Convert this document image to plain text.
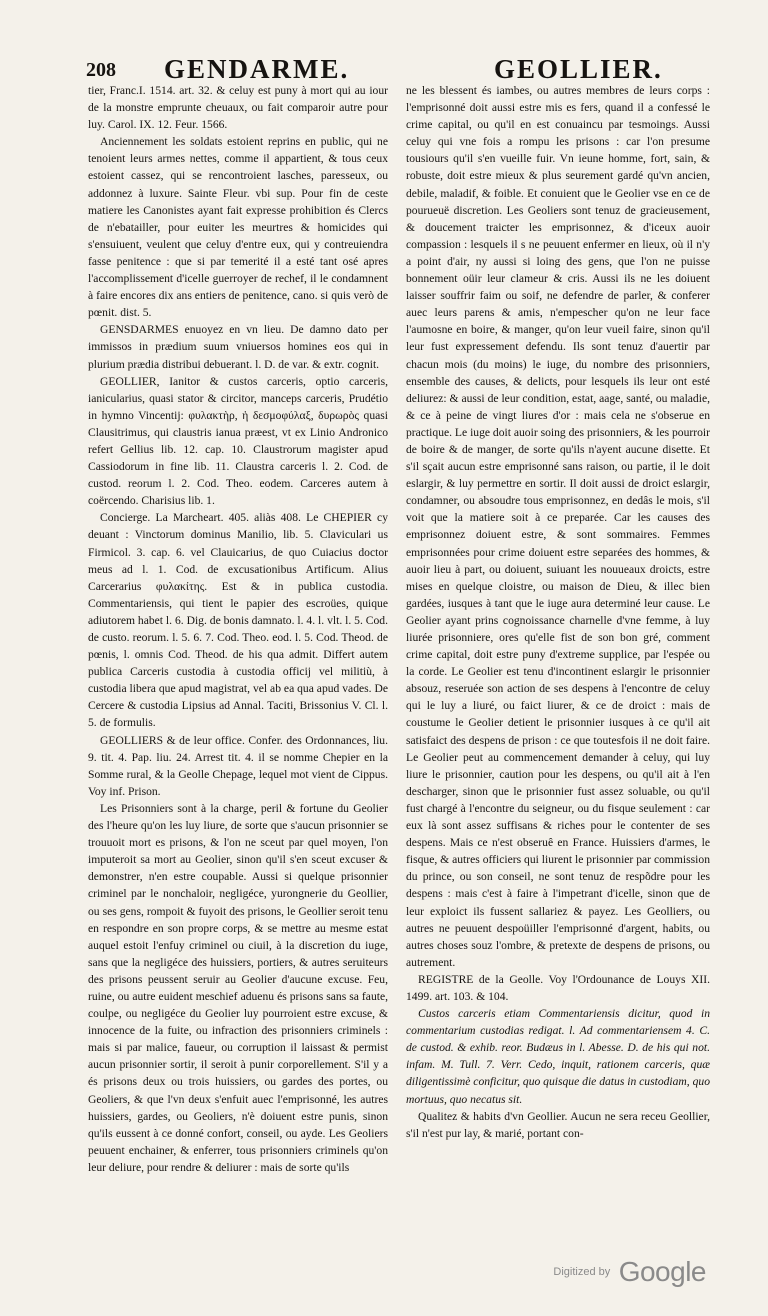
208 GENDARME.	GEOLLIER.

tier, Franc.I. 1514. art. 32. & celuy est puny à mort qui au iour de la monstre emprunte cheuaux, ou fait comparoir autre pour luy. Carol. IX. 12. Feur. 1566.

Anciennement les soldats estoient reprins en public, qui ne tenoient leurs armes nettes, comme il appartient, & tous ceux estoient cassez, qui se rencontroient lasches, paresseux, ou addonnez à luxure. Sainte Fleur. vbi sup. Pour fin de ceste matiere les Canonistes ayant fait expresse prohibition és Clercs de n'ebatailler, pour euiter les meurtres & homicides qui s'ensuiuent, veulent que celuy d'entre eux, qui y contreuiendra fasse penitence : que si par temerité il a esté tant osé apres l'accomplissement d'icelle guerroyer de rechef, il le condamnent à faire encores dix ans entiers de penitence, cano. si quis verò de pœnit. dist. 5.

GENSDARMES enuoyez en vn lieu. De damno dato per immissos in prædium suum vniuersos homines eos qui in plurium prædia distribui debuerant. l. D. de var. & extr. cognit.

GEOLLIER, Ianitor & custos carceris, optio carceris, ianicularius, quasi stator & circitor, manceps carceris, Prudétio in hymno Vincentij: φυλακτὴρ, ἡ δεσμοφύλαξ, δυρωρὸς quasi Clausitrimus, qui claustris ianua præest, vt ex Linio Andronico refert Gellius lib. 12. cap. 10. Claustrorum magister apud Cassiodorum in fine lib. 11. Claustra carceris l. 2. Cod. de custod. reorum l. 2. Cod. Theo. eodem. Carceres autem à coërcendo. Charisius lib. 1.

Concierge. La Marcheart. 405. aliàs 408. Le CHEPIER cy deuant : Vinctorum dominus Manilio, lib. 5. Claviculari us Firmicol. 3. cap. 6. vel Clauicarius, de quo Cuiacius doctor meus ad l. 1. Cod. de excusationibus Artificum. Alius Carcerarius φυλακίτης. Est & in publica custodia. Commentariensis, qui tient le papier des escroües, quique adiutorem habet l. 6. Dig. de bonis damnato. l. 4. l. vlt. l. 5. Cod. de custo. reorum. l. 5. 6. 7. Cod. Theo. eod. l. 5. Cod. Theod. de pœnis, l. omnis Cod. Theod. de his qua admit. Differt autem publica Carceris custodia à custodia officij vel militiù, à custodia libera que apud magistrat, vel ab ea qua apud vades. De Cercere & custodia Lipsius ad Annal. Taciti, Brissonius V. Cl. l. 5. de formulis.

GEOLLIERS & de leur office. Confer. des Ordonnances, liu. 9. tit. 4. Pap. liu. 24. Arrest tit. 4. il se nomme Chepier en la Somme rural, & la Geolle Chepage, lequel mot vient de Cippus. Voy inf. Prison.

Les Prisonniers sont à la charge, peril & fortune du Geolier des l'heure qu'on les luy liure, de sorte que s'aucun prisonnier se trouuoit mort es prisons, & l'on ne sceut par quel moyen, l'on imputeroit sa mort au Geolier, sinon qu'il s'en sceut excuser & demonstrer, n'en estre coupable. Aussi si quelque prisonnier criminel par le nonchaloir, negligéce, yurongnerie du Geollier, ou ses gens, rompoit & fuyoit des prisons, le Geollier seroit tenu en respondre en son propre corps, & se mettre au mesme estat auquel estoit l'enfuy criminel ou ciuil, à la discretion du iuge, sans que la negligéce des huissiers, portiers, & autres seruiteurs des prisons peussent seruir au Geolier d'aucune excuse. Feu, ruine, ou autre euident meschief aduenu és prisons sans sa faute, coulpe, ou negligéce du Geolier luy pourroient estre excuse, & innocence de la fuite, ou infraction des prisonniers criminels : mais si par malice, faueur, ou corruption il laissast & permist aucun prisonnier sortir, il seroit à punir corporellement. S'il y a és prisons deux ou trois huissiers, ou gardes des portes, ou Geoliers, & que l'vn deux s'enfuit auec l'emprisonné, les autres huissiers, gardes, ou Geoliers, n'è doiuent estre punis, sinon qu'ils eussent à ce donné confort, conseil, ou ayde. Les Geoliers peuuent enchainer, & enferrer, tous prisonniers criminels qu'on leur deliure, pour rendre & deliurer : mais de sorte qu'ils

ne les blessent és iambes, ou autres membres de leurs corps : l'emprisonné doit aussi estre mis es fers, quand il a confessé le crime capital, ou qu'il en est conuaincu par tesmoings. Aussi celuy qui vne fois a rompu les prisons : car l'on presume tousiours qu'il s'en vueille fuir. Vn ieune homme, fort, sain, & robuste, doit estre mieux & plus seurement gardé qu'vn ancien, debile, maladif, & foible. Et conuient que le Geolier vse en ce de pourueuë discretion. Les Geoliers sont tenuz de gracieusement, & doucement traicter les emprisonnez, & d'iceux auoir compassion : lesquels il s ne peuuent enfermer en lieux, où il n'y a point d'air, ny aussi si loing des gens, que l'on ne puisse bonnement oüir leur clameur & cris. Aussi ils ne les doiuent laisser souffrir faim ou soif, ne defendre de parler, & conferer auec leurs parens & amis, n'empescher qu'on ne leur face l'aumosne en boire, & manger, qu'on leur vueil faire, sinon qu'il leur fust expressement defendu. Ils sont tenuz d'auertir par chacun mois (du moins) le iuge, du nombre des prisonniers, ensemble des causes, & delicts, pour lesquels ils leur ont esté deliurez: & aussi de leur condition, estat, aage, santé, ou maladie, & ce à peine de vingt liures d'or : mais cela ne s'obserue en practique. Le iuge doit auoir soing des prisonniers, & les pourroir de boire & de manger, de sorte qu'ils n'ayent aucune disette. Et s'il sçait aucun estre emprisonné sans raison, ou partie, il le doit eslargir, & luy permettre en sortir. Il doit aussi de droict eslargir, condamner, ou absoudre tous emprisonnez, en dedâs le mois, s'il voit que la matiere soit à ce preparée. Car les causes des emprisonnez doiuent estre, & sont sommaires. Femmes emprisonnées pour crime doiuent estre separées des hommes, & auoir lieu à part, ou doiuent, suiuant les nouueaux droicts, estre mises en quelque cloistre, ou maison de Dieu, & illec bien gardées, iusques à tant que le iuge aura determiné leur cause. Le Geolier ayant prins cognoissance charnelle d'vne femme, à luy liurée prisonniere, ores qu'elle fist de son bon gré, comment crime capital, doit estre puny d'extreme supplice, par l'espée ou la corde. Le Geolier est tenu d'incontinent eslargir le prisonnier absouz, reseruée son action de ses despens à l'encontre de celuy qui le luy a liuré, ou faict liurer, & ce de droict : mais de coustume le Geolier detient le prisonnier iusques à ce qu'il ait satisfaict des despens de prison : ce que toutesfois il ne doit faire. Le Geolier peut au commencement demander à celuy, qui luy liure le prisonnier, caution pour les despens, ou qu'il ait à l'en descharger, sinon que le prisonnier fust assez soluable, ou qu'il fust chargé à l'encontre du seigneur, ou du fisque seulement : car eux là sont assez suffisans & riches pour le contenter de ses despens. Mais ce n'est obseruê en France. Huissiers d'armes, le fisque, & autres officiers qui liurent le prisonnier par commission du prince, ou son conseil, ne sont tenuz de respõdre pour les despens : mais c'est à faire à l'impetrant d'icelle, sinon que de leur exploict ils fussent sallariez & payez. Les Geolliers, ou autres ne peuuent despoüiller l'emprisonné d'argent, habits, ou autres choses souz l'ombre, & pretexte de despens de prisons, ou autrement.

REGISTRE de la Geolle. Voy l'Ordounance de Louys XII. 1499. art. 103. & 104.

Custos carceris etiam Commentariensis dicitur, quod in commentarium custodias redigat. l. Ad commentariensem 4. C. de custod. & exhib. reor. Budæus in l. Abesse. D. de his qui not. infam. M. Tull. 7. Verr. Cedo, inquit, rationem carceris, quæ diligentissimè conficitur, quo quisque die datus in custodiam, quo mortuus, quo necatus sit.

Qualitez & habits d'vn Geollier. Aucun ne sera receu Geollier, s'il n'est pur lay, & marié, portant con-

Digitized by Google
